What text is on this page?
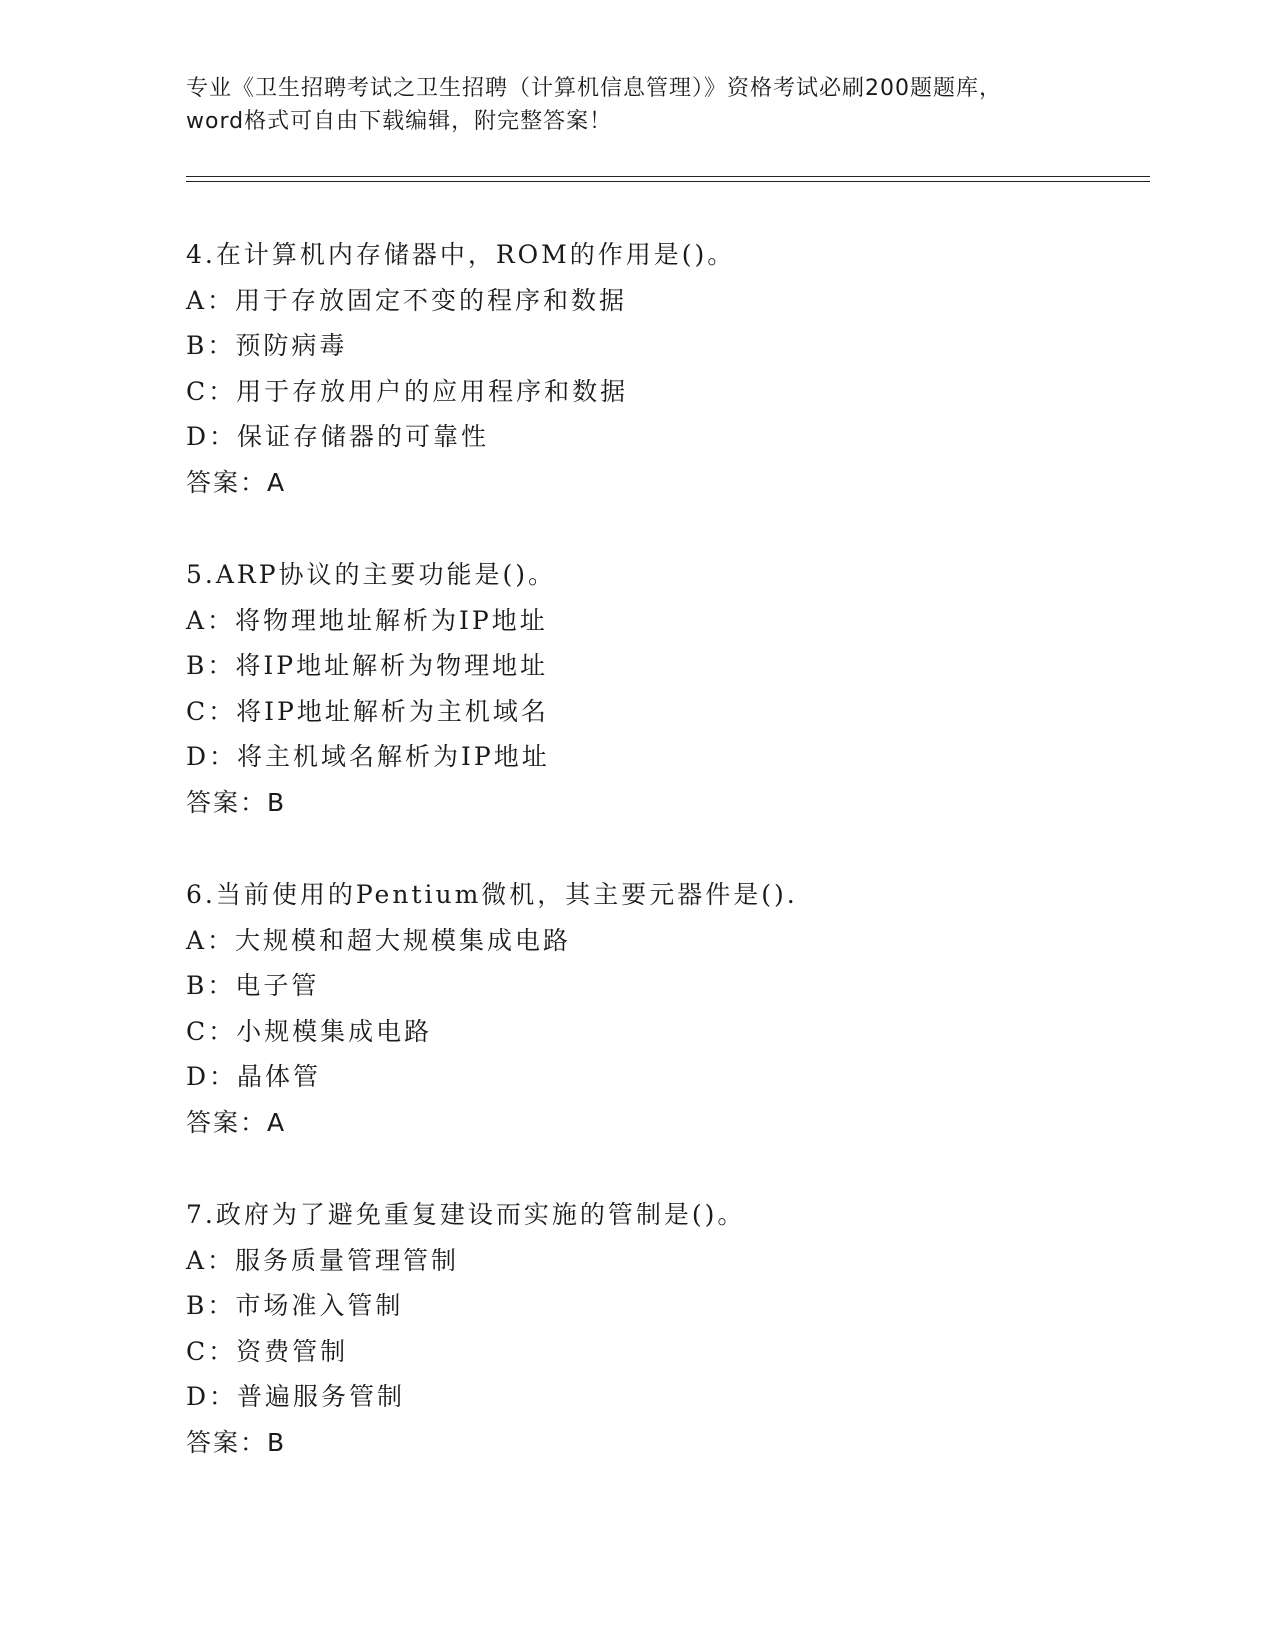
专业《卫生招聘考试之卫生招聘（计算机信息管理）》资格考试必刷200题题库，
word格式可自由下载编辑，附完整答案！
4.在计算机内存储器中，ROM的作用是()。
A：用于存放固定不变的程序和数据
B：预防病毒
C：用于存放用户的应用程序和数据
D：保证存储器的可靠性
答案：A
5.ARP协议的主要功能是()。
A：将物理地址解析为IP地址
B：将IP地址解析为物理地址
C：将IP地址解析为主机域名
D：将主机域名解析为IP地址
答案：B
6.当前使用的Pentium微机，其主要元器件是().
A：大规模和超大规模集成电路
B：电子管
C：小规模集成电路
D：晶体管
答案：A
7.政府为了避免重复建设而实施的管制是()。
A：服务质量管理管制
B：市场准入管制
C：资费管制
D：普遍服务管制
答案：B
